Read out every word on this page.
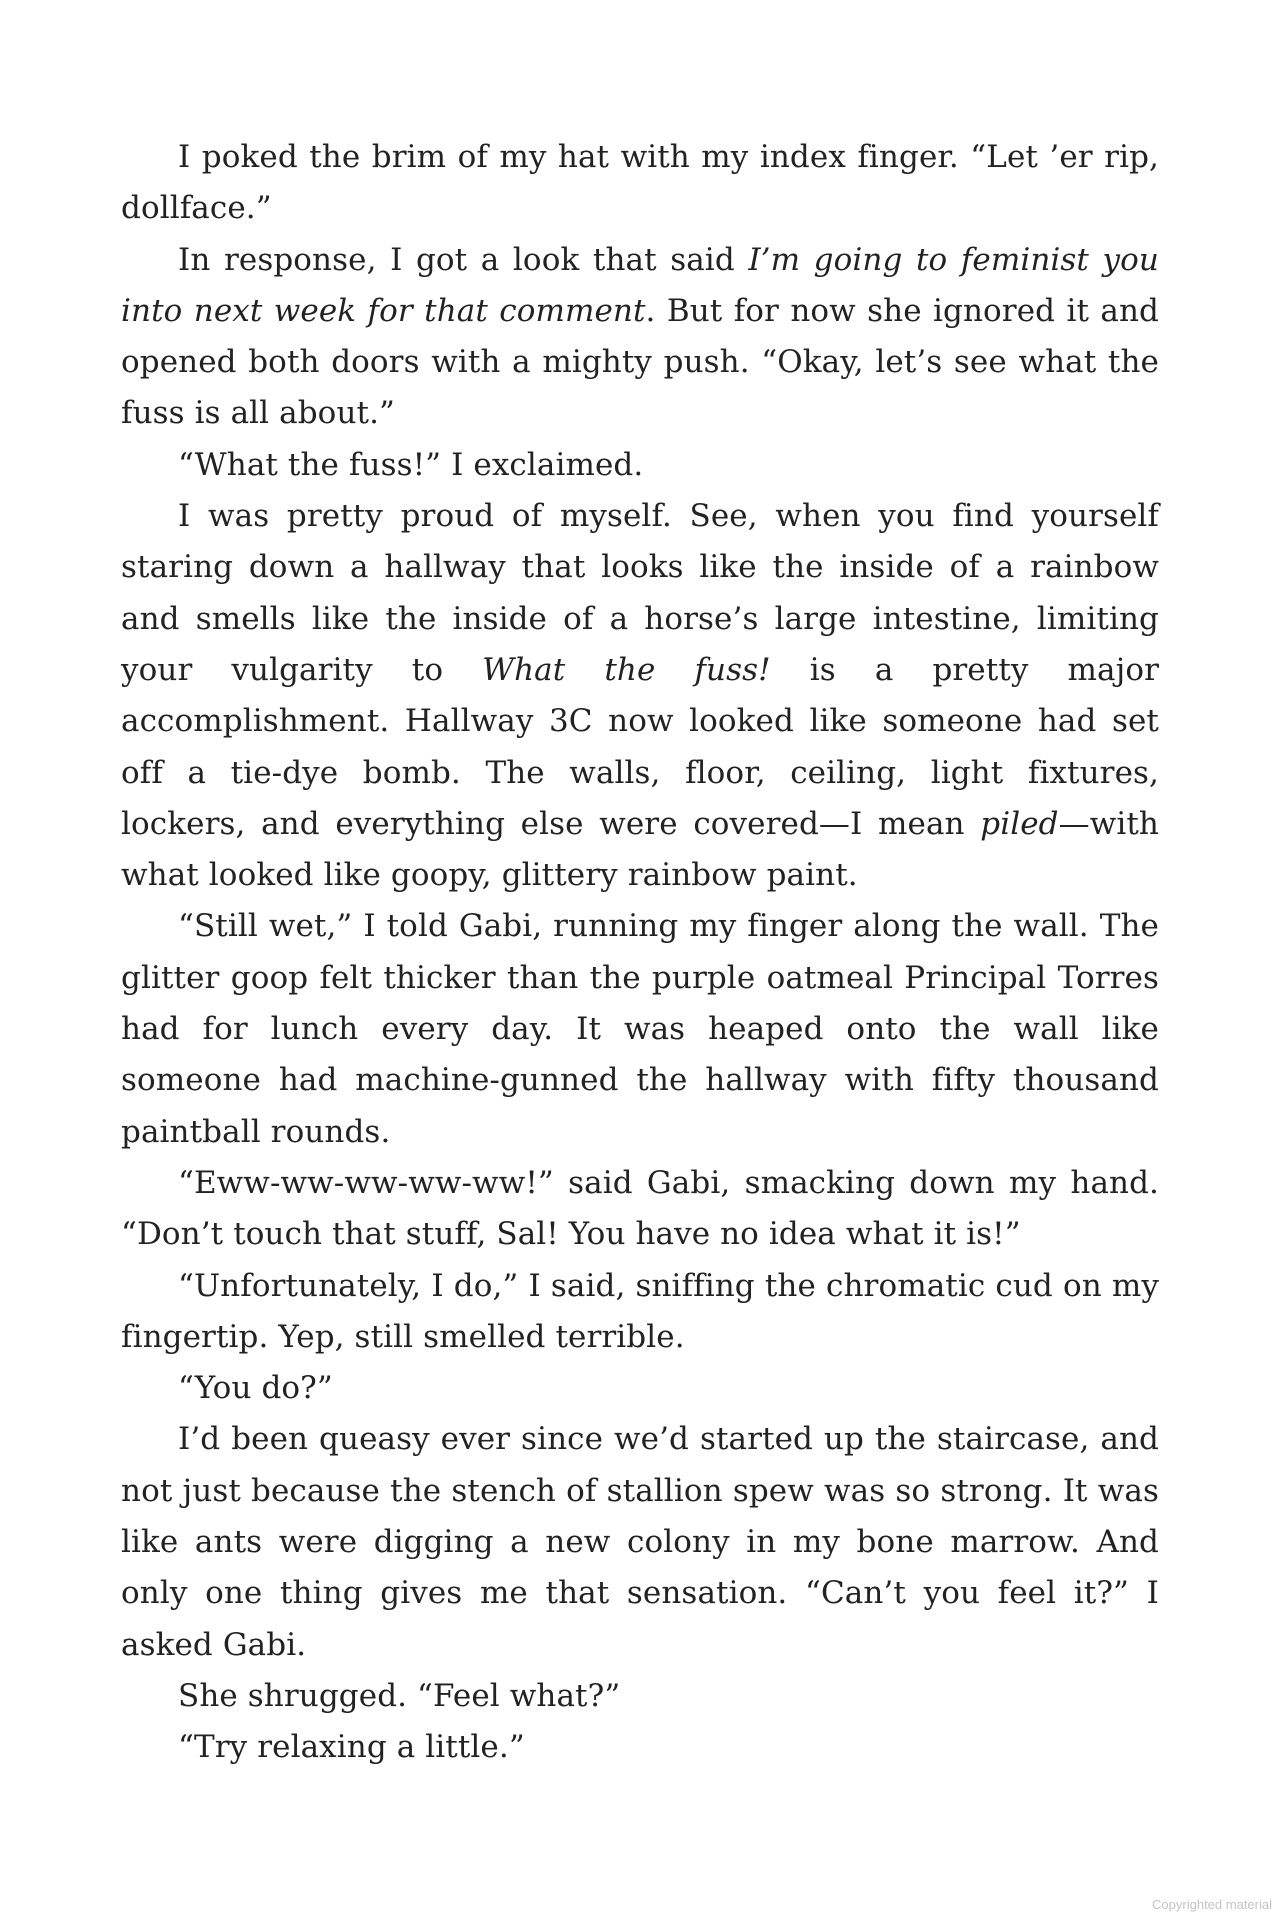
I poked the brim of my hat with my index finger. “Let ’er rip, dollface.”

In response, I got a look that said I’m going to feminist you into next week for that comment. But for now she ignored it and opened both doors with a mighty push. “Okay, let’s see what the fuss is all about.”

“What the fuss!” I exclaimed.

I was pretty proud of myself. See, when you find yourself staring down a hallway that looks like the inside of a rainbow and smells like the inside of a horse’s large intestine, limiting your vulgarity to What the fuss! is a pretty major accomplishment. Hallway 3C now looked like someone had set off a tie-dye bomb. The walls, floor, ceiling, light fixtures, lockers, and everything else were covered—I mean piled—with what looked like goopy, glittery rainbow paint.

“Still wet,” I told Gabi, running my finger along the wall. The glitter goop felt thicker than the purple oatmeal Principal Torres had for lunch every day. It was heaped onto the wall like someone had machine-gunned the hallway with fifty thousand paintball rounds.

“Eww-ww-ww-ww-ww!” said Gabi, smacking down my hand. “Don’t touch that stuff, Sal! You have no idea what it is!”

“Unfortunately, I do,” I said, sniffing the chromatic cud on my fingertip. Yep, still smelled terrible.

“You do?”

I’d been queasy ever since we’d started up the staircase, and not just because the stench of stallion spew was so strong. It was like ants were digging a new colony in my bone marrow. And only one thing gives me that sensation. “Can’t you feel it?” I asked Gabi.

She shrugged. “Feel what?”

“Try relaxing a little.”

Copyrighted material
